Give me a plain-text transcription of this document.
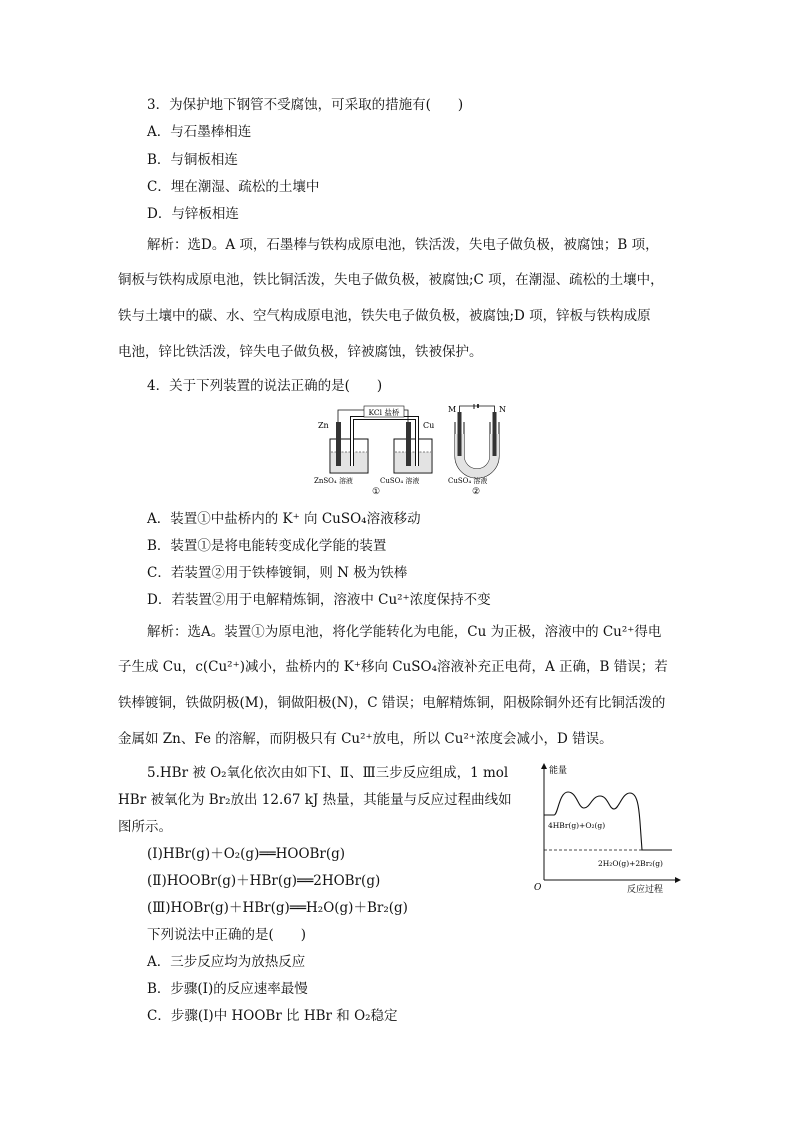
3．为保护地下钢管不受腐蚀，可采取的措施有(　　)
A．与石墨棒相连
B．与铜板相连
C．埋在潮湿、疏松的土壤中
D．与锌板相连
解析：选D。A 项，石墨棒与铁构成原电池，铁活泼，失电子做负极，被腐蚀；B 项，
铜板与铁构成原电池，铁比铜活泼，失电子做负极，被腐蚀;C 项，在潮湿、疏松的土壤中，
铁与土壤中的碳、水、空气构成原电池，铁失电子做负极，被腐蚀;D 项，锌板与铁构成原
电池，锌比铁活泼，锌失电子做负极，锌被腐蚀，铁被保护。
4．关于下列装置的说法正确的是(　　)
KCl 盐桥
Zn	Cu
ZnSO₄ 溶液	CuSO₄ 溶液
①
M	N
CuSO₄ 溶液
②
A．装置①中盐桥内的 K⁺ 向 CuSO₄溶液移动
B．装置①是将电能转变成化学能的装置
C．若装置②用于铁棒镀铜，则 N 极为铁棒
D．若装置②用于电解精炼铜，溶液中 Cu²⁺浓度保持不变
解析：选A。装置①为原电池，将化学能转化为电能，Cu 为正极，溶液中的 Cu²⁺得电
子生成 Cu，c(Cu²⁺)减小，盐桥内的 K⁺移向 CuSO₄溶液补充正电荷，A 正确，B 错误；若
铁棒镀铜，铁做阴极(M)，铜做阳极(N)，C 错误；电解精炼铜，阳极除铜外还有比铜活泼的
金属如 Zn、Fe 的溶解，而阴极只有 Cu²⁺放电，所以 Cu²⁺浓度会减小，D 错误。
5.HBr 被 O₂氧化依次由如下Ⅰ、Ⅱ、Ⅲ三步反应组成，1 mol
HBr 被氧化为 Br₂放出 12.67 kJ 热量，其能量与反应过程曲线如
图所示。
(Ⅰ)HBr(g)＋O₂(g)══HOOBr(g)
(Ⅱ)HOOBr(g)＋HBr(g)══2HOBr(g)
(Ⅲ)HOBr(g)＋HBr(g)══H₂O(g)＋Br₂(g)
下列说法中正确的是(　　)
A．三步反应均为放热反应
B．步骤(Ⅰ)的反应速率最慢
C．步骤(Ⅰ)中 HOOBr 比 HBr 和 O₂稳定
能量
反应过程
O
4HBr(g)+O₂(g)
2H₂O(g)+2Br₂(g)
